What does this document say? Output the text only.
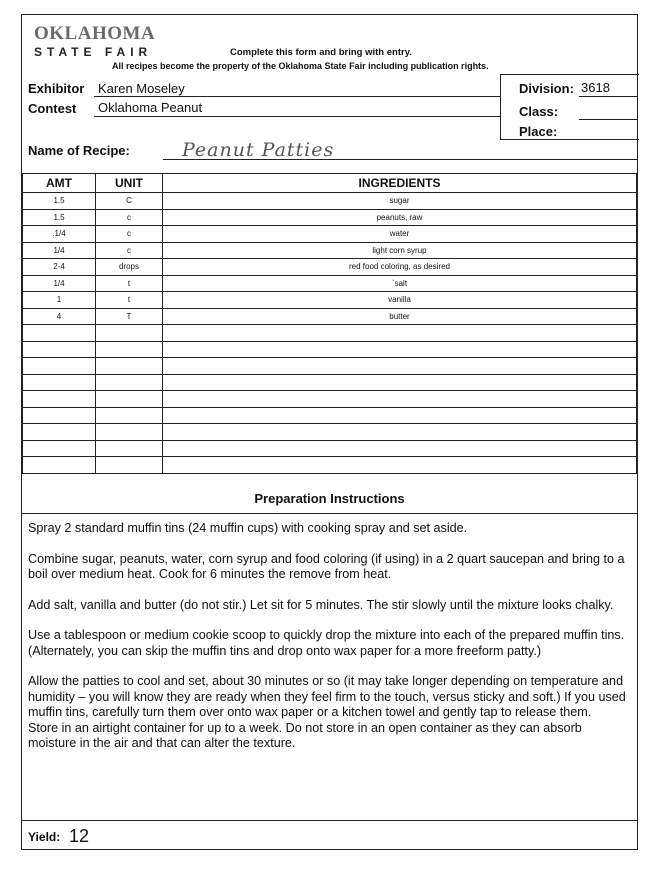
OKLAHOMA
STATE FAIR	Complete this form and bring with entry.
All recipes become the property of the Oklahoma State Fair including publication rights.
Exhibitor Karen Moseley
Contest Oklahoma Peanut
Division: 3618
Class:
Place:
Name of Recipe:	Peanut Patties
AMT	UNIT	INGREDIENTS
1.5	C	sugar
1.5	c	peanuts, raw
.1/4	c	water
1/4	c	light corn syrup
2-4	drops	red food coloring, as desired
1/4	t	`salt
1	t	vanilla
4	T	butter

Preparation Instructions

Spray 2 standard muffin tins (24 muffin cups) with cooking spray and set aside.

Combine sugar, peanuts, water, corn syrup and food coloring (if using) in a 2 quart saucepan and bring to a boil over medium heat. Cook for 6 minutes the remove from heat.

Add salt, vanilla and butter (do not stir.) Let sit for 5 minutes. The stir slowly until the mixture looks chalky.

Use a tablespoon or medium cookie scoop to quickly drop the mixture into each of the prepared muffin tins. (Alternately, you can skip the muffin tins and drop onto wax paper for a more freeform patty.)

Allow the patties to cool and set, about 30 minutes or so (it may take longer depending on temperature and humidity – you will know they are ready when they feel firm to the touch, versus sticky and soft.) If you used muffin tins, carefully turn them over onto wax paper or a kitchen towel and gently tap to release them.

Store in an airtight container for up to a week. Do not store in an open container as they can absorb moisture in the air and that can alter the texture.

Yield: 12
